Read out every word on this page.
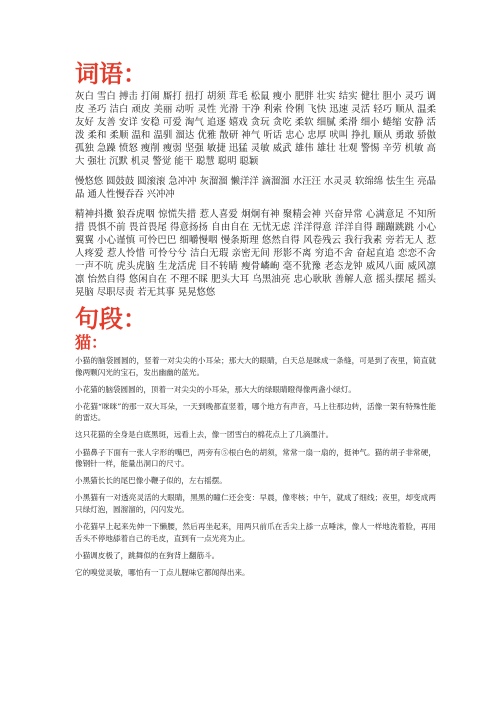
词语：

灰白 雪白 搏击 打闹 厮打 扭打 胡须 茸毛 松鼠 瘦小 肥胖 壮实 结实 健壮 胆小 灵巧 调皮 圣巧 洁白 顽皮 美丽 动听 灵性 光滑 干净 利索 伶俐 飞快 迅速 灵活 轻巧 顺从 温柔 友好 友善 安详 安稳 可爱 淘气 追逐 嬉戏 贪玩 贪吃 柔软 细腻 柔滑 细小 蜷缩 安静 活泼 柔和 柔顺 温和 温驯 溜达 优雅 散研 神气 听话 忠心 忠厚 吠叫 挣扎 顺从 勇敢 骄傲 孤独 急躁 愤怒 瘦削 瘦弱 坚强 敏捷 迅猛 灵敏 威武 雄伟 雄壮 壮观 警惕 辛劳 机敏 高大 强壮 沉默 机灵 警觉 能干 聪慧 聪明 聪颖

慢悠悠 圆鼓鼓 圆滚滚 急冲冲 灰溜溜 懒洋洋 滴溜溜 水汪汪 水灵灵 软绵绵 怯生生 亮晶晶 通人性慢吞吞 兴冲冲

精神抖擞 狼吞虎咽 惊慌失措 惹人喜爱 炯炯有神 聚精会神 兴奋异常 心满意足 不知所措 畏惧不前 畏首畏尾 得意扬扬 自由自在 无忧无虑 洋洋得意 洋洋自得 蹦蹦跳跳 小心翼翼 小心谨慎 可怜巴巴 细嚼慢咽 慢条斯理 悠然自得 风卷残云 我行我素 旁若无人 惹人疼爱 惹人怜惜 可怜兮兮 洁白无瑕 亲密无间 形影不离 穷追不舍 奋起直追 恋恋不舍 一声不吭 虎头虎脑 生龙活虎 目不转睛 瘦骨嶙峋 毫不犹豫 老态龙钟 威风八面 威风凛凛 怡然自得 悠闲自在 不理不睬 肥头大耳 乌黑油亮 忠心耿耿 善解人意 摇头摆尾 摇头晃脑 尽职尽责 若无其事 晃晃悠悠

句段：
猫：

小猫的脑袋圆圆的，竖着一对尖尖的小耳朵；那大大的眼睛，白天总是眯成一条缝，可是到了夜里，简直就像两颗闪光的宝石，发出幽幽的蓝光。

小花猫的脑袋圆圆的，顶着一对尖尖的小耳朵，那大大的绿眼睛瞪得像两盏小绿灯。

小花猫“咪咪”的那一双大耳朵，一天到晚都直竖着，哪个地方有声音，马上往那边转，活像一架有特殊性能的雷达。

这只花猫的全身是白底黑斑，远看上去，像一团雪白的棉花点上了几滴墨汁。

小猫鼻子下面有一张人字形的嘴巴，两旁有⑤根白色的胡须，常常一扇一扇的，挺神气。猫的胡子非常硬，像钢针一样，能量出洞口的尺寸。

小黑猫长长的尾巴像小鞭子似的，左右摇摆。

小黑猫有一对透亮灵活的大眼睛，黑黑的瞳仁还会变：早晨，像枣核；中午，就成了细线；夜里，却变成两只绿灯泡，圆溜溜的，闪闪发光。

小花猫早上起来先伸一下懒腰，然后再坐起来，用两只前爪在舌尖上舔一点唾沫，像人一样地洗着脸，再用舌头不停地舔着自己的毛皮，直到有一点光亮为止。

小猫调皮极了，跳舞似的在狗背上翻筋斗。

它的嗅觉灵敏，哪怕有一丁点儿腥味它都闻得出来。
